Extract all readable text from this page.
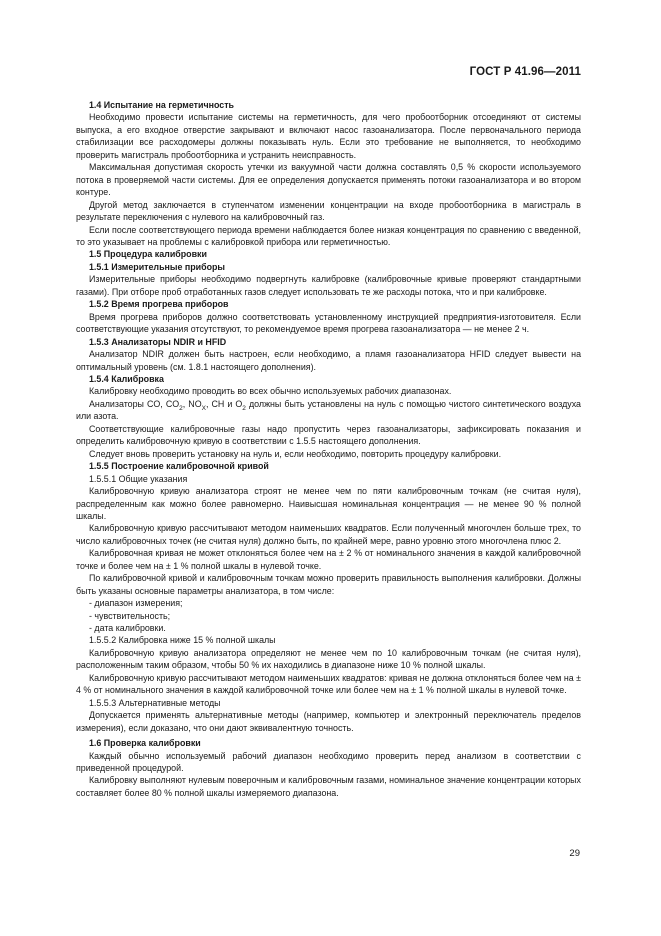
ГОСТ Р 41.96—2011

1.4 Испытание на герметичность

Необходимо провести испытание системы на герметичность, для чего пробоотборник отсоединяют от системы выпуска, а его входное отверстие закрывают и включают насос газоанализатора. После первоначального периода стабилизации все расходомеры должны показывать нуль. Если это требование не выполняется, то необходимо проверить магистраль пробоотборника и устранить неисправность.

Максимальная допустимая скорость утечки из вакуумной части должна составлять 0,5 % скорости используемого потока в проверяемой части системы. Для ее определения допускается применять потоки газоанализатора и во втором контуре.

Другой метод заключается в ступенчатом изменении концентрации на входе пробоотборника в магистраль в результате переключения с нулевого на калибровочный газ.

Если после соответствующего периода времени наблюдается более низкая концентрация по сравнению с введенной, то это указывает на проблемы с калибровкой прибора или герметичностью.

1.5 Процедура калибровки

1.5.1 Измерительные приборы

Измерительные приборы необходимо подвергнуть калибровке (калибровочные кривые проверяют стандартными газами). При отборе проб отработанных газов следует использовать те же расходы потока, что и при калибровке.

1.5.2 Время прогрева приборов

Время прогрева приборов должно соответствовать установленному инструкцией предприятия-изготовителя. Если соответствующие указания отсутствуют, то рекомендуемое время прогрева газоанализатора — не менее 2 ч.

1.5.3 Анализаторы NDIR и HFID

Анализатор NDIR должен быть настроен, если необходимо, а пламя газоанализатора HFID следует вывести на оптимальный уровень (см. 1.8.1 настоящего дополнения).

1.5.4 Калибровка

Калибровку необходимо проводить во всех обычно используемых рабочих диапазонах.

Анализаторы CO, $CO_2$, $NO_X$, CH и $O_2$ должны быть установлены на нуль с помощью чистого синтетического воздуха или азота.

Соответствующие калибровочные газы надо пропустить через газоанализаторы, зафиксировать показания и определить калибровочную кривую в соответствии с 1.5.5 настоящего дополнения.

Следует вновь проверить установку на нуль и, если необходимо, повторить процедуру калибровки.

1.5.5 Построение калибровочной кривой

1.5.5.1 Общие указания

Калибровочную кривую анализатора строят не менее чем по пяти калибровочным точкам (не считая нуля), распределенным как можно более равномерно. Наивысшая номинальная концентрация — не менее 90 % полной шкалы.

Калибровочную кривую рассчитывают методом наименьших квадратов. Если полученный многочлен больше трех, то число калибровочных точек (не считая нуля) должно быть, по крайней мере, равно уровню этого многочлена плюс 2.

Калибровочная кривая не может отклоняться более чем на ± 2 % от номинального значения в каждой калибровочной точке и более чем на ± 1 % полной шкалы в нулевой точке.

По калибровочной кривой и калибровочным точкам можно проверить правильность выполнения калибровки. Должны быть указаны основные параметры анализатора, в том числе:

- диапазон измерения;

- чувствительность;

- дата калибровки.

1.5.5.2 Калибровка ниже 15 % полной шкалы

Калибровочную кривую анализатора определяют не менее чем по 10 калибровочным точкам (не считая нуля), расположенным таким образом, чтобы 50 % их находились в диапазоне ниже 10 % полной шкалы.

Калибровочную кривую рассчитывают методом наименьших квадратов: кривая не должна отклоняться более чем на ± 4 % от номинального значения в каждой калибровочной точке или более чем на ± 1 % полной шкалы в нулевой точке.

1.5.5.3 Альтернативные методы

Допускается применять альтернативные методы (например, компьютер и электронный переключатель пределов измерения), если доказано, что они дают эквивалентную точность.

1.6 Проверка калибровки

Каждый обычно используемый рабочий диапазон необходимо проверить перед анализом в соответствии с приведенной процедурой.

Калибровку выполняют нулевым поверочным и калибровочным газами, номинальное значение концентрации которых составляет более 80 % полной шкалы измеряемого диапазона.

29
